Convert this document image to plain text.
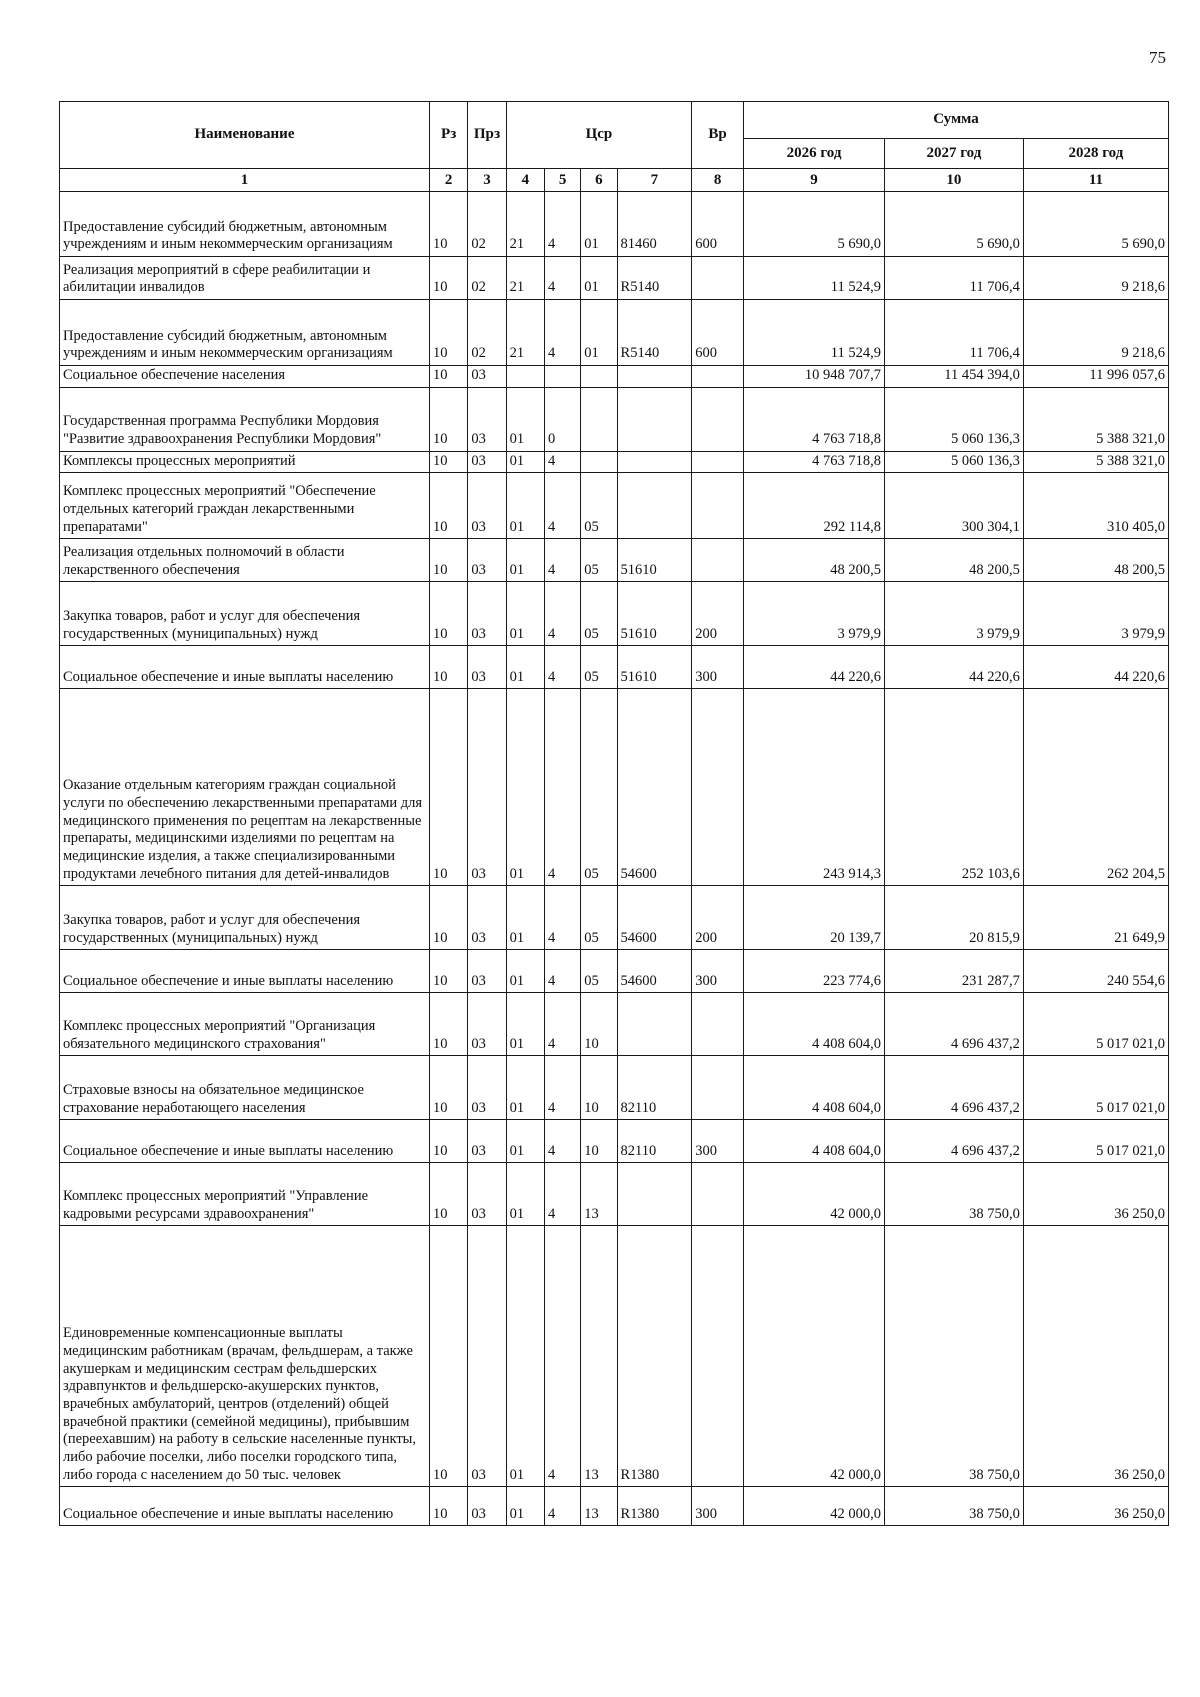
75
Наименование	Рз	Прз	Цср				Вр	Сумма		
								2026 год	2027 год	2028 год
1	2	3	4	5	6	7	8	9	10	11
Предоставление субсидий бюджетным, автономным учреждениям и иным некоммерческим организациям	10	02	21	4	01	81460	600	5 690,0	5 690,0	5 690,0
Реализация мероприятий в сфере реабилитации и абилитации инвалидов	10	02	21	4	01	R5140		11 524,9	11 706,4	9 218,6
Предоставление субсидий бюджетным, автономным учреждениям и иным некоммерческим организациям	10	02	21	4	01	R5140	600	11 524,9	11 706,4	9 218,6
Социальное обеспечение населения	10	03						10 948 707,7	11 454 394,0	11 996 057,6
Государственная программа Республики Мордовия "Развитие здравоохранения Республики Мордовия"	10	03	01	0				4 763 718,8	5 060 136,3	5 388 321,0
Комплексы процессных мероприятий	10	03	01	4				4 763 718,8	5 060 136,3	5 388 321,0
Комплекс процессных мероприятий "Обеспечение отдельных категорий граждан лекарственными препаратами"	10	03	01	4	05			292 114,8	300 304,1	310 405,0
Реализация отдельных полномочий в области лекарственного обеспечения	10	03	01	4	05	51610		48 200,5	48 200,5	48 200,5
Закупка товаров, работ и услуг для обеспечения государственных (муниципальных) нужд	10	03	01	4	05	51610	200	3 979,9	3 979,9	3 979,9
Социальное обеспечение и иные выплаты населению	10	03	01	4	05	51610	300	44 220,6	44 220,6	44 220,6
Оказание отдельным категориям граждан социальной услуги по обеспечению лекарственными препаратами для медицинского применения по рецептам на лекарственные препараты, медицинскими изделиями по рецептам на медицинские изделия, а также специализированными продуктами лечебного питания для детей-инвалидов	10	03	01	4	05	54600		243 914,3	252 103,6	262 204,5
Закупка товаров, работ и услуг для обеспечения государственных (муниципальных) нужд	10	03	01	4	05	54600	200	20 139,7	20 815,9	21 649,9
Социальное обеспечение и иные выплаты населению	10	03	01	4	05	54600	300	223 774,6	231 287,7	240 554,6
Комплекс процессных мероприятий "Организация обязательного медицинского страхования"	10	03	01	4	10			4 408 604,0	4 696 437,2	5 017 021,0
Страховые взносы на обязательное медицинское страхование неработающего населения	10	03	01	4	10	82110		4 408 604,0	4 696 437,2	5 017 021,0
Социальное обеспечение и иные выплаты населению	10	03	01	4	10	82110	300	4 408 604,0	4 696 437,2	5 017 021,0
Комплекс процессных мероприятий "Управление кадровыми ресурсами здравоохранения"	10	03	01	4	13			42 000,0	38 750,0	36 250,0
Единовременные компенсационные выплаты медицинским работникам (врачам, фельдшерам, а также акушеркам и медицинским сестрам фельдшерских здравпунктов и фельдшерско-акушерских пунктов, врачебных амбулаторий, центров (отделений) общей врачебной практики (семейной медицины), прибывшим (переехавшим) на работу в сельские населенные пункты, либо рабочие поселки, либо поселки городского типа, либо города с населением до 50 тыс. человек	10	03	01	4	13	R1380		42 000,0	38 750,0	36 250,0
Социальное обеспечение и иные выплаты населению	10	03	01	4	13	R1380	300	42 000,0	38 750,0	36 250,0
